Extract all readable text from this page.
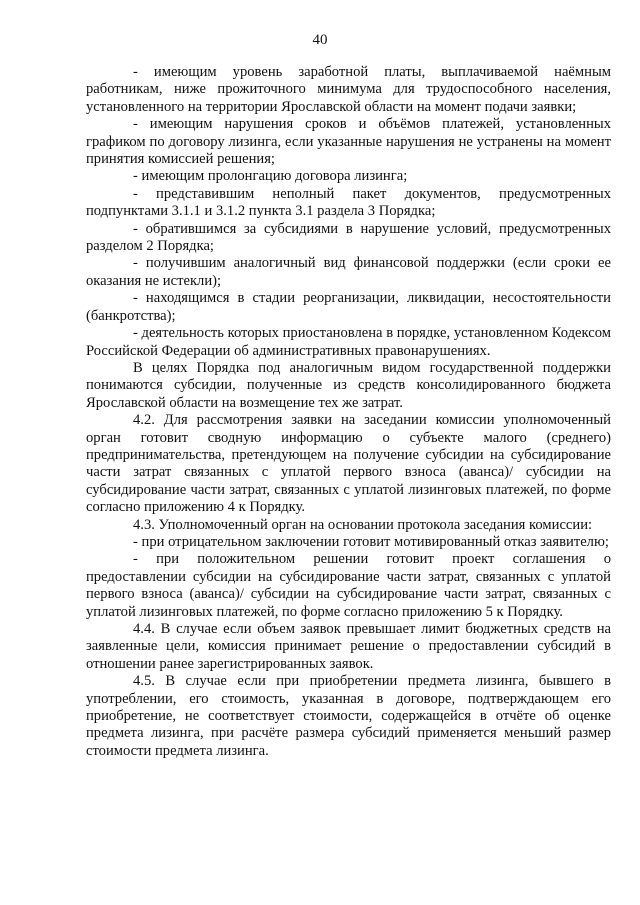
40

- имеющим уровень заработной платы, выплачиваемой наёмным работникам, ниже прожиточного минимума для трудоспособного населения, установленного на территории Ярославской области на момент подачи заявки;

- имеющим нарушения сроков и объёмов платежей, установленных графиком по договору лизинга, если указанные нарушения не устранены на момент принятия комиссией решения;

- имеющим пролонгацию договора лизинга;

- представившим неполный пакет документов, предусмотренных подпунктами 3.1.1 и 3.1.2 пункта 3.1 раздела 3 Порядка;

- обратившимся за субсидиями в нарушение условий, предусмотренных разделом 2 Порядка;

- получившим аналогичный вид финансовой поддержки (если сроки ее оказания не истекли);

- находящимся в стадии реорганизации, ликвидации, несостоятельности (банкротства);

- деятельность которых приостановлена в порядке, установленном Кодексом Российской Федерации об административных правонарушениях.

В целях Порядка под аналогичным видом государственной поддержки понимаются субсидии, полученные из средств консолидированного бюджета Ярославской области на возмещение тех же затрат.

4.2. Для рассмотрения заявки на заседании комиссии уполномоченный орган готовит сводную информацию о субъекте малого (среднего) предпринимательства, претендующем на получение субсидии на субсидирование части затрат связанных с уплатой первого взноса (аванса)/ субсидии на субсидирование части затрат, связанных с уплатой лизинговых платежей, по форме согласно приложению 4 к Порядку.

4.3. Уполномоченный орган на основании протокола заседания комиссии:

- при отрицательном заключении готовит мотивированный отказ заявителю;

- при положительном решении готовит проект соглашения о предоставлении субсидии на субсидирование части затрат, связанных с уплатой первого взноса (аванса)/ субсидии на субсидирование части затрат, связанных с уплатой лизинговых платежей, по форме согласно приложению 5 к Порядку.

4.4. В случае если объем заявок превышает лимит бюджетных средств на заявленные цели, комиссия принимает решение о предоставлении субсидий в отношении ранее зарегистрированных заявок.

4.5. В случае если при приобретении предмета лизинга, бывшего в употреблении, его стоимость, указанная в договоре, подтверждающем его приобретение, не соответствует стоимости, содержащейся в отчёте об оценке предмета лизинга, при расчёте размера субсидий применяется меньший размер стоимости предмета лизинга.
